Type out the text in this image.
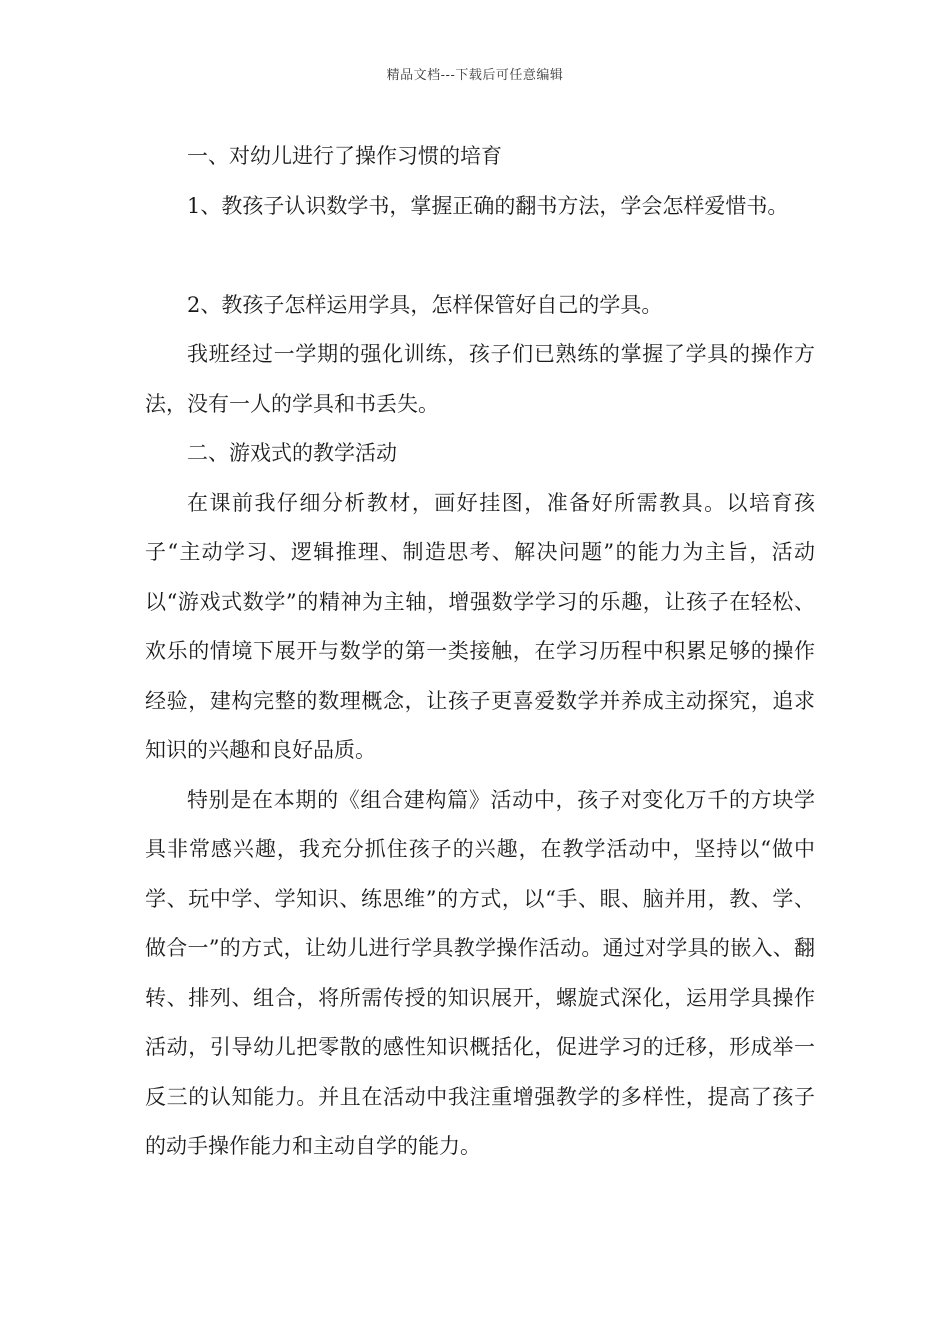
精品文档---下载后可任意编辑

一、对幼儿进行了操作习惯的培育

1、教孩子认识数学书，掌握正确的翻书方法，学会怎样爱惜书。

2、教孩子怎样运用学具，怎样保管好自己的学具。

我班经过一学期的强化训练，孩子们已熟练的掌握了学具的操作方法，没有一人的学具和书丢失。

二、游戏式的教学活动

在课前我仔细分析教材，画好挂图，准备好所需教具。以培育孩子“主动学习、逻辑推理、制造思考、解决问题”的能力为主旨，活动以“游戏式数学”的精神为主轴，增强数学学习的乐趣，让孩子在轻松、欢乐的情境下展开与数学的第一类接触，在学习历程中积累足够的操作经验，建构完整的数理概念，让孩子更喜爱数学并养成主动探究，追求知识的兴趣和良好品质。

特别是在本期的《组合建构篇》活动中，孩子对变化万千的方块学具非常感兴趣，我充分抓住孩子的兴趣，在教学活动中，坚持以“做中学、玩中学、学知识、练思维”的方式，以“手、眼、脑并用，教、学、做合一”的方式，让幼儿进行学具教学操作活动。通过对学具的嵌入、翻转、排列、组合，将所需传授的知识展开，螺旋式深化，运用学具操作活动，引导幼儿把零散的感性知识概括化，促进学习的迁移，形成举一反三的认知能力。并且在活动中我注重增强教学的多样性，提高了孩子的动手操作能力和主动自学的能力。
